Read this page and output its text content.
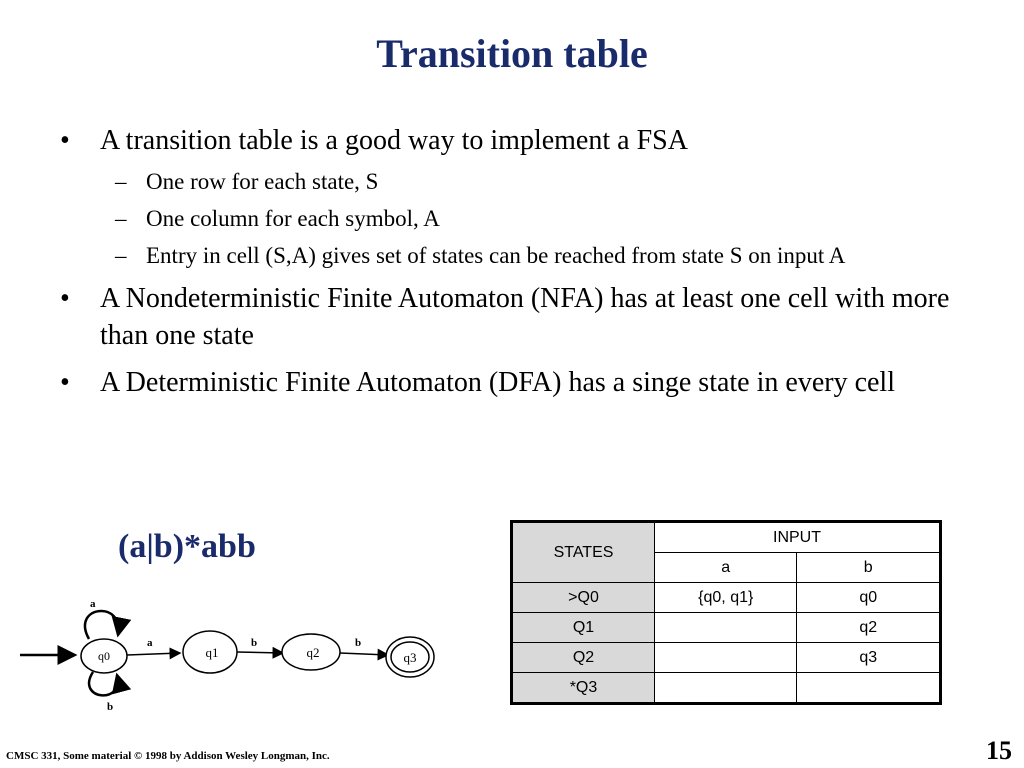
Transition table
• A transition table is a good way to implement a FSA
– One row for each state, S
– One column for each symbol, A
– Entry in cell (S,A) gives set of states can be reached from state S on input A
• A Nondeterministic Finite Automaton (NFA) has at least one cell with more than one state
• A Deterministic Finite Automaton (DFA) has a singe state in every cell
(a|b)*abb	STATES	INPUT	
	a	b
>Q0	{q0, q1}	q0
Q1		q2
Q2		q3
*Q3		
q0	q1	q2	q3
a
b
a	b	b
CMSC 331, Some material © 1998 by Addison Wesley Longman, Inc.	15
